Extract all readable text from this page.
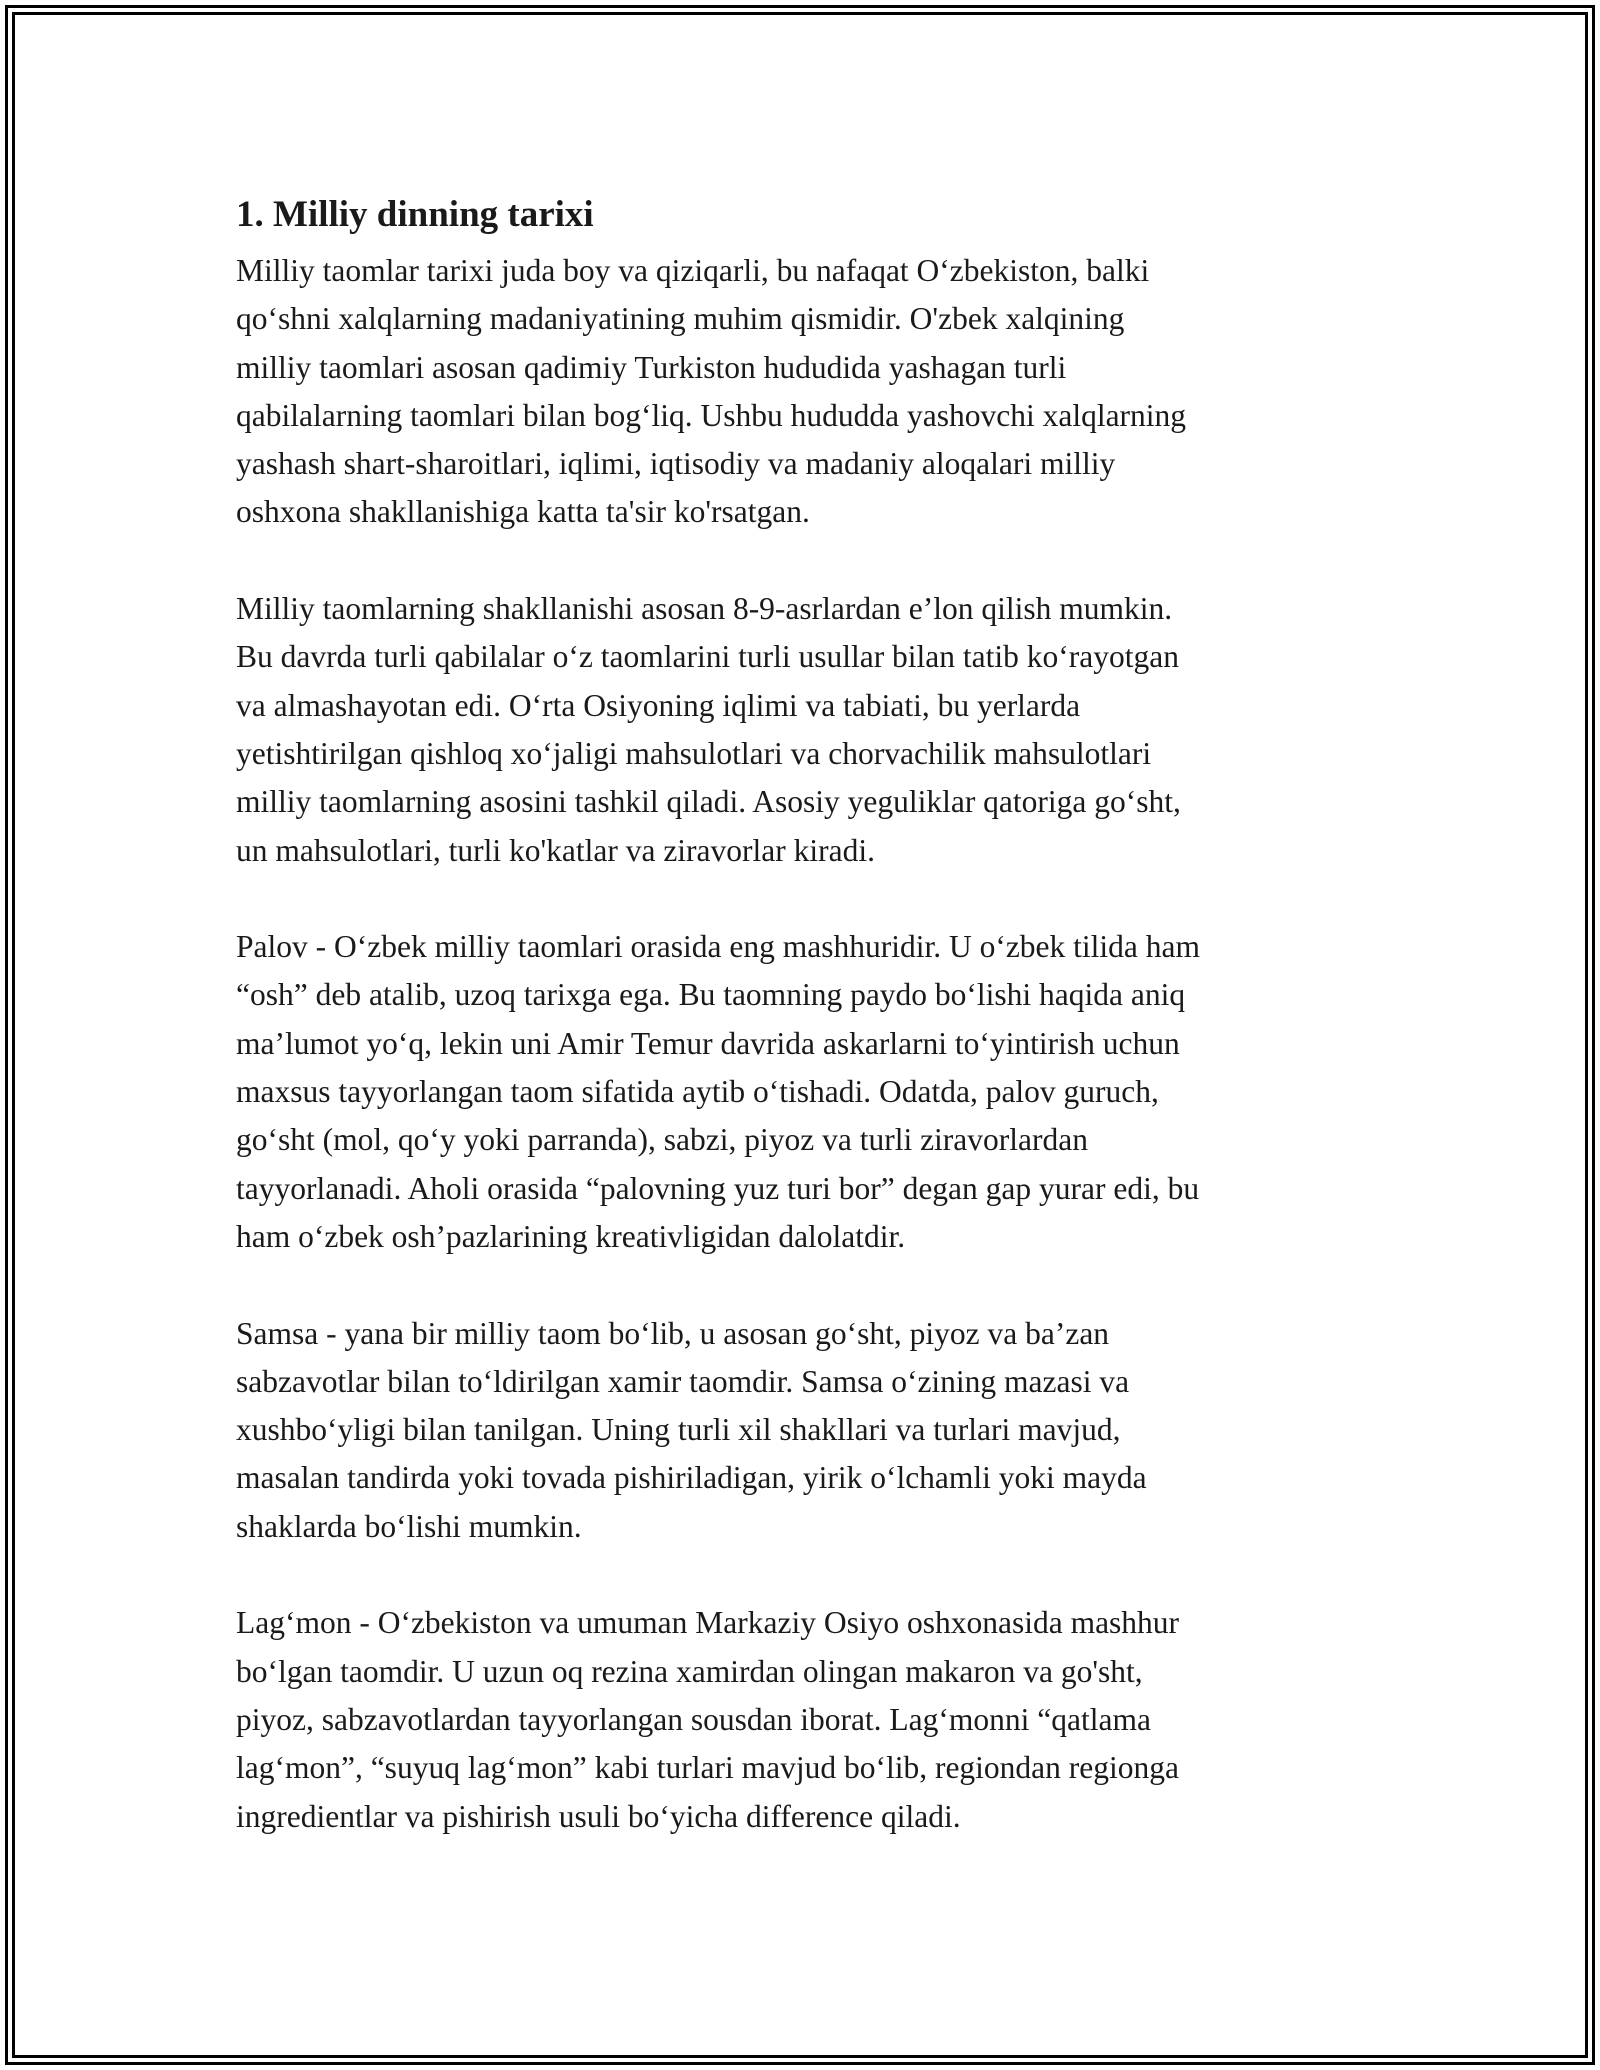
1. Milliy dinning tarixi

Milliy taomlar tarixi juda boy va qiziqarli, bu nafaqat O‘zbekiston, balki
qo‘shni xalqlarning madaniyatining muhim qismidir. O'zbek xalqining
milliy taomlari asosan qadimiy Turkiston hududida yashagan turli
qabilalarning taomlari bilan bog‘liq. Ushbu hududda yashovchi xalqlarning
yashash shart-sharoitlari, iqlimi, iqtisodiy va madaniy aloqalari milliy
oshxona shakllanishiga katta ta'sir ko'rsatgan.

Milliy taomlarning shakllanishi asosan 8-9-asrlardan e’lon qilish mumkin.
Bu davrda turli qabilalar o‘z taomlarini turli usullar bilan tatib ko‘rayotgan
va almashayotan edi. O‘rta Osiyoning iqlimi va tabiati, bu yerlarda
yetishtirilgan qishloq xo‘jaligi mahsulotlari va chorvachilik mahsulotlari
milliy taomlarning asosini tashkil qiladi. Asosiy yeguliklar qatoriga go‘sht,
un mahsulotlari, turli ko'katlar va ziravorlar kiradi.

Palov - O‘zbek milliy taomlari orasida eng mashhuridir. U o‘zbek tilida ham
“osh” deb atalib, uzoq tarixga ega. Bu taomning paydo bo‘lishi haqida aniq
ma’lumot yo‘q, lekin uni Amir Temur davrida askarlarni to‘yintirish uchun
maxsus tayyorlangan taom sifatida aytib o‘tishadi. Odatda, palov guruch,
go‘sht (mol, qo‘y yoki parranda), sabzi, piyoz va turli ziravorlardan
tayyorlanadi. Aholi orasida “palovning yuz turi bor” degan gap yurar edi, bu
ham o‘zbek osh’pazlarining kreativligidan dalolatdir.

Samsa - yana bir milliy taom bo‘lib, u asosan go‘sht, piyoz va ba’zan
sabzavotlar bilan to‘ldirilgan xamir taomdir. Samsa o‘zining mazasi va
xushbo‘yligi bilan tanilgan. Uning turli xil shakllari va turlari mavjud,
masalan tandirda yoki tovada pishiriladigan, yirik o‘lchamli yoki mayda
shaklarda bo‘lishi mumkin.

Lag‘mon - O‘zbekiston va umuman Markaziy Osiyo oshxonasida mashhur
bo‘lgan taomdir. U uzun oq rezina xamirdan olingan makaron va go'sht,
piyoz, sabzavotlardan tayyorlangan sousdan iborat. Lag‘monni “qatlama
lag‘mon”, “suyuq lag‘mon” kabi turlari mavjud bo‘lib, regiondan regionga
ingredientlar va pishirish usuli bo‘yicha difference qiladi.
